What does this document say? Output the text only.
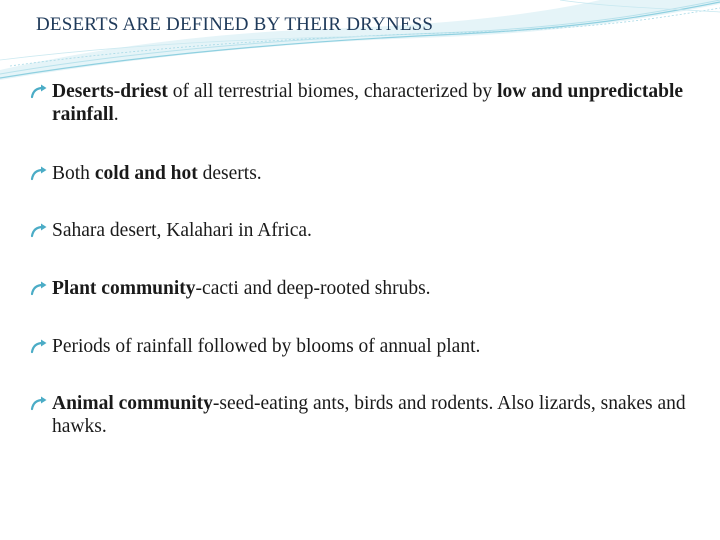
DESERTS ARE DEFINED BY THEIR DRYNESS
Deserts-driest of all terrestrial biomes, characterized by low and unpredictable rainfall.
Both cold and hot deserts.
Sahara desert, Kalahari in Africa.
Plant community-cacti and deep-rooted shrubs.
Periods of rainfall followed by blooms of annual plant.
Animal community-seed-eating ants, birds and rodents. Also lizards, snakes and hawks.
